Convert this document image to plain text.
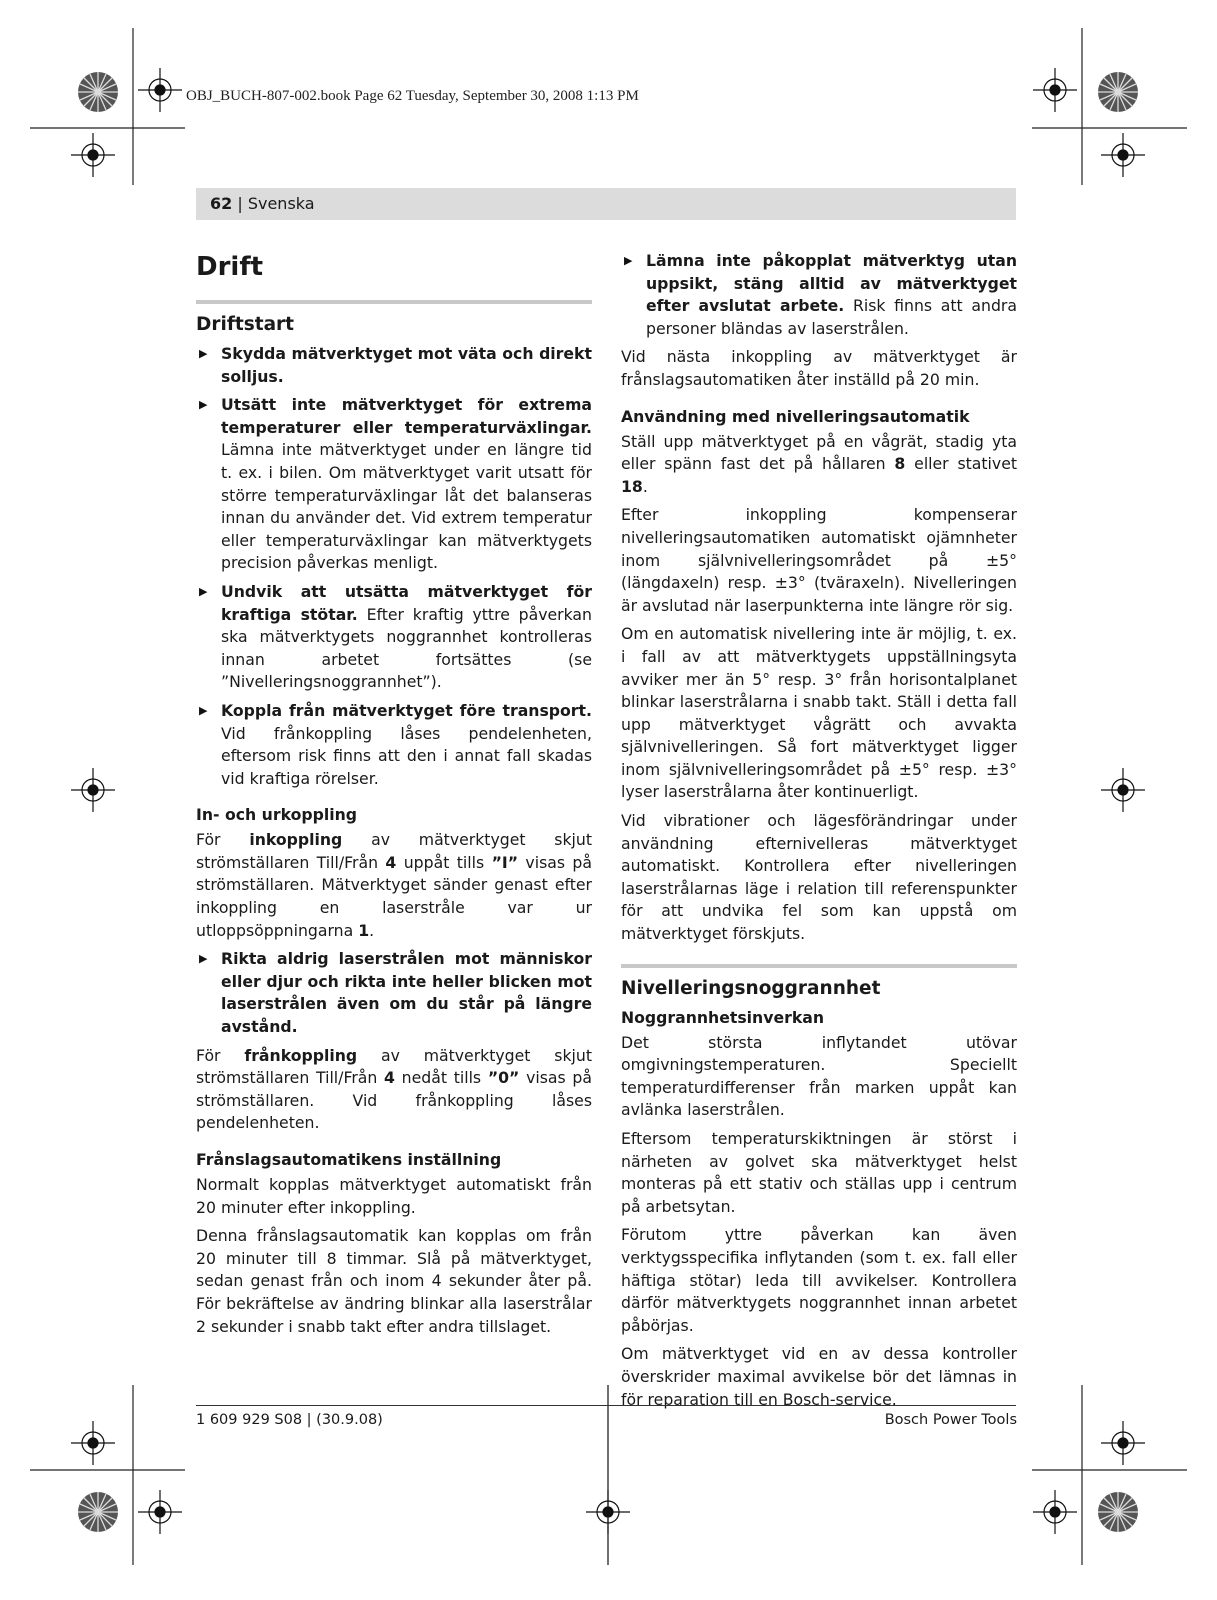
OBJ_BUCH-807-002.book Page 62 Tuesday, September 30, 2008 1:13 PM
62 | Svenska
Drift
Driftstart
▶ Skydda mätverktyget mot väta och direkt solljus.
▶ Utsätt inte mätverktyget för extrema temperaturer eller temperaturväxlingar. Lämna inte mätverktyget under en längre tid t. ex. i bilen. Om mätverktyget varit utsatt för större temperaturväxlingar låt det balanseras innan du använder det. Vid extrem temperatur eller temperaturväxlingar kan mätverktygets precision påverkas menligt.
▶ Undvik att utsätta mätverktyget för kraftiga stötar. Efter kraftig yttre påverkan ska mätverktygets noggrannhet kontrolleras innan arbetet fortsättes (se ”Nivelleringsnoggrannhet”).
▶ Koppla från mätverktyget före transport. Vid frånkoppling låses pendelenheten, eftersom risk finns att den i annat fall skadas vid kraftiga rörelser.
In- och urkoppling

För inkoppling av mätverktyget skjut strömställaren Till/Från 4 uppåt tills ”I” visas på strömställaren. Mätverktyget sänder genast efter inkoppling en laserstråle var ur utloppsöppningarna 1.

▶ Rikta aldrig laserstrålen mot människor eller djur och rikta inte heller blicken mot laserstrålen även om du står på längre avstånd.

För frånkoppling av mätverktyget skjut strömställaren Till/Från 4 nedåt tills ”0” visas på strömställaren. Vid frånkoppling låses pendelenheten.

Frånslagsautomatikens inställning

Normalt kopplas mätverktyget automatiskt från 20 minuter efter inkoppling.

Denna frånslagsautomatik kan kopplas om från 20 minuter till 8 timmar. Slå på mätverktyget, sedan genast från och inom 4 sekunder åter på. För bekräftelse av ändring blinkar alla laserstrålar 2 sekunder i snabb takt efter andra tillslaget.

▶ Lämna inte påkopplat mätverktyg utan uppsikt, stäng alltid av mätverktyget efter avslutat arbete. Risk finns att andra personer bländas av laserstrålen.

Vid nästa inkoppling av mätverktyget är frånslagsautomatiken åter inställd på 20 min.

Användning med nivelleringsautomatik

Ställ upp mätverktyget på en vågrät, stadig yta eller spänn fast det på hållaren 8 eller stativet 18.

Efter inkoppling kompenserar nivelleringsautomatiken automatiskt ojämnheter inom självnivelleringsområdet på ±5° (längdaxeln) resp. ±3° (tväraxeln). Nivelleringen är avslutad när laserpunkterna inte längre rör sig.

Om en automatisk nivellering inte är möjlig, t. ex. i fall av att mätverktygets uppställningsyta avviker mer än 5° resp. 3° från horisontalplanet blinkar laserstrålarna i snabb takt. Ställ i detta fall upp mätverktyget vågrätt och avvakta självnivelleringen. Så fort mätverktyget ligger inom självnivelleringsområdet på ±5° resp. ±3° lyser laserstrålarna åter kontinuerligt.

Vid vibrationer och lägesförändringar under användning efternivelleras mätverktyget automatiskt. Kontrollera efter nivelleringen laserstrålarnas läge i relation till referenspunkter för att undvika fel som kan uppstå om mätverktyget förskjuts.

Nivelleringsnoggrannhet
Noggrannhetsinverkan

Det största inflytandet utövar omgivningstemperaturen. Speciellt temperaturdifferenser från marken uppåt kan avlänka laserstrålen.

Eftersom temperaturskiktningen är störst i närheten av golvet ska mätverktyget helst monteras på ett stativ och ställas upp i centrum på arbetsytan.

Förutom yttre påverkan kan även verktygsspecifika inflytanden (som t. ex. fall eller häftiga stötar) leda till avvikelser. Kontrollera därför mätverktygets noggrannhet innan arbetet påbörjas.

Om mätverktyget vid en av dessa kontroller överskrider maximal avvikelse bör det lämnas in för reparation till en Bosch-service.

1 609 929 S08 | (30.9.08)	Bosch Power Tools
